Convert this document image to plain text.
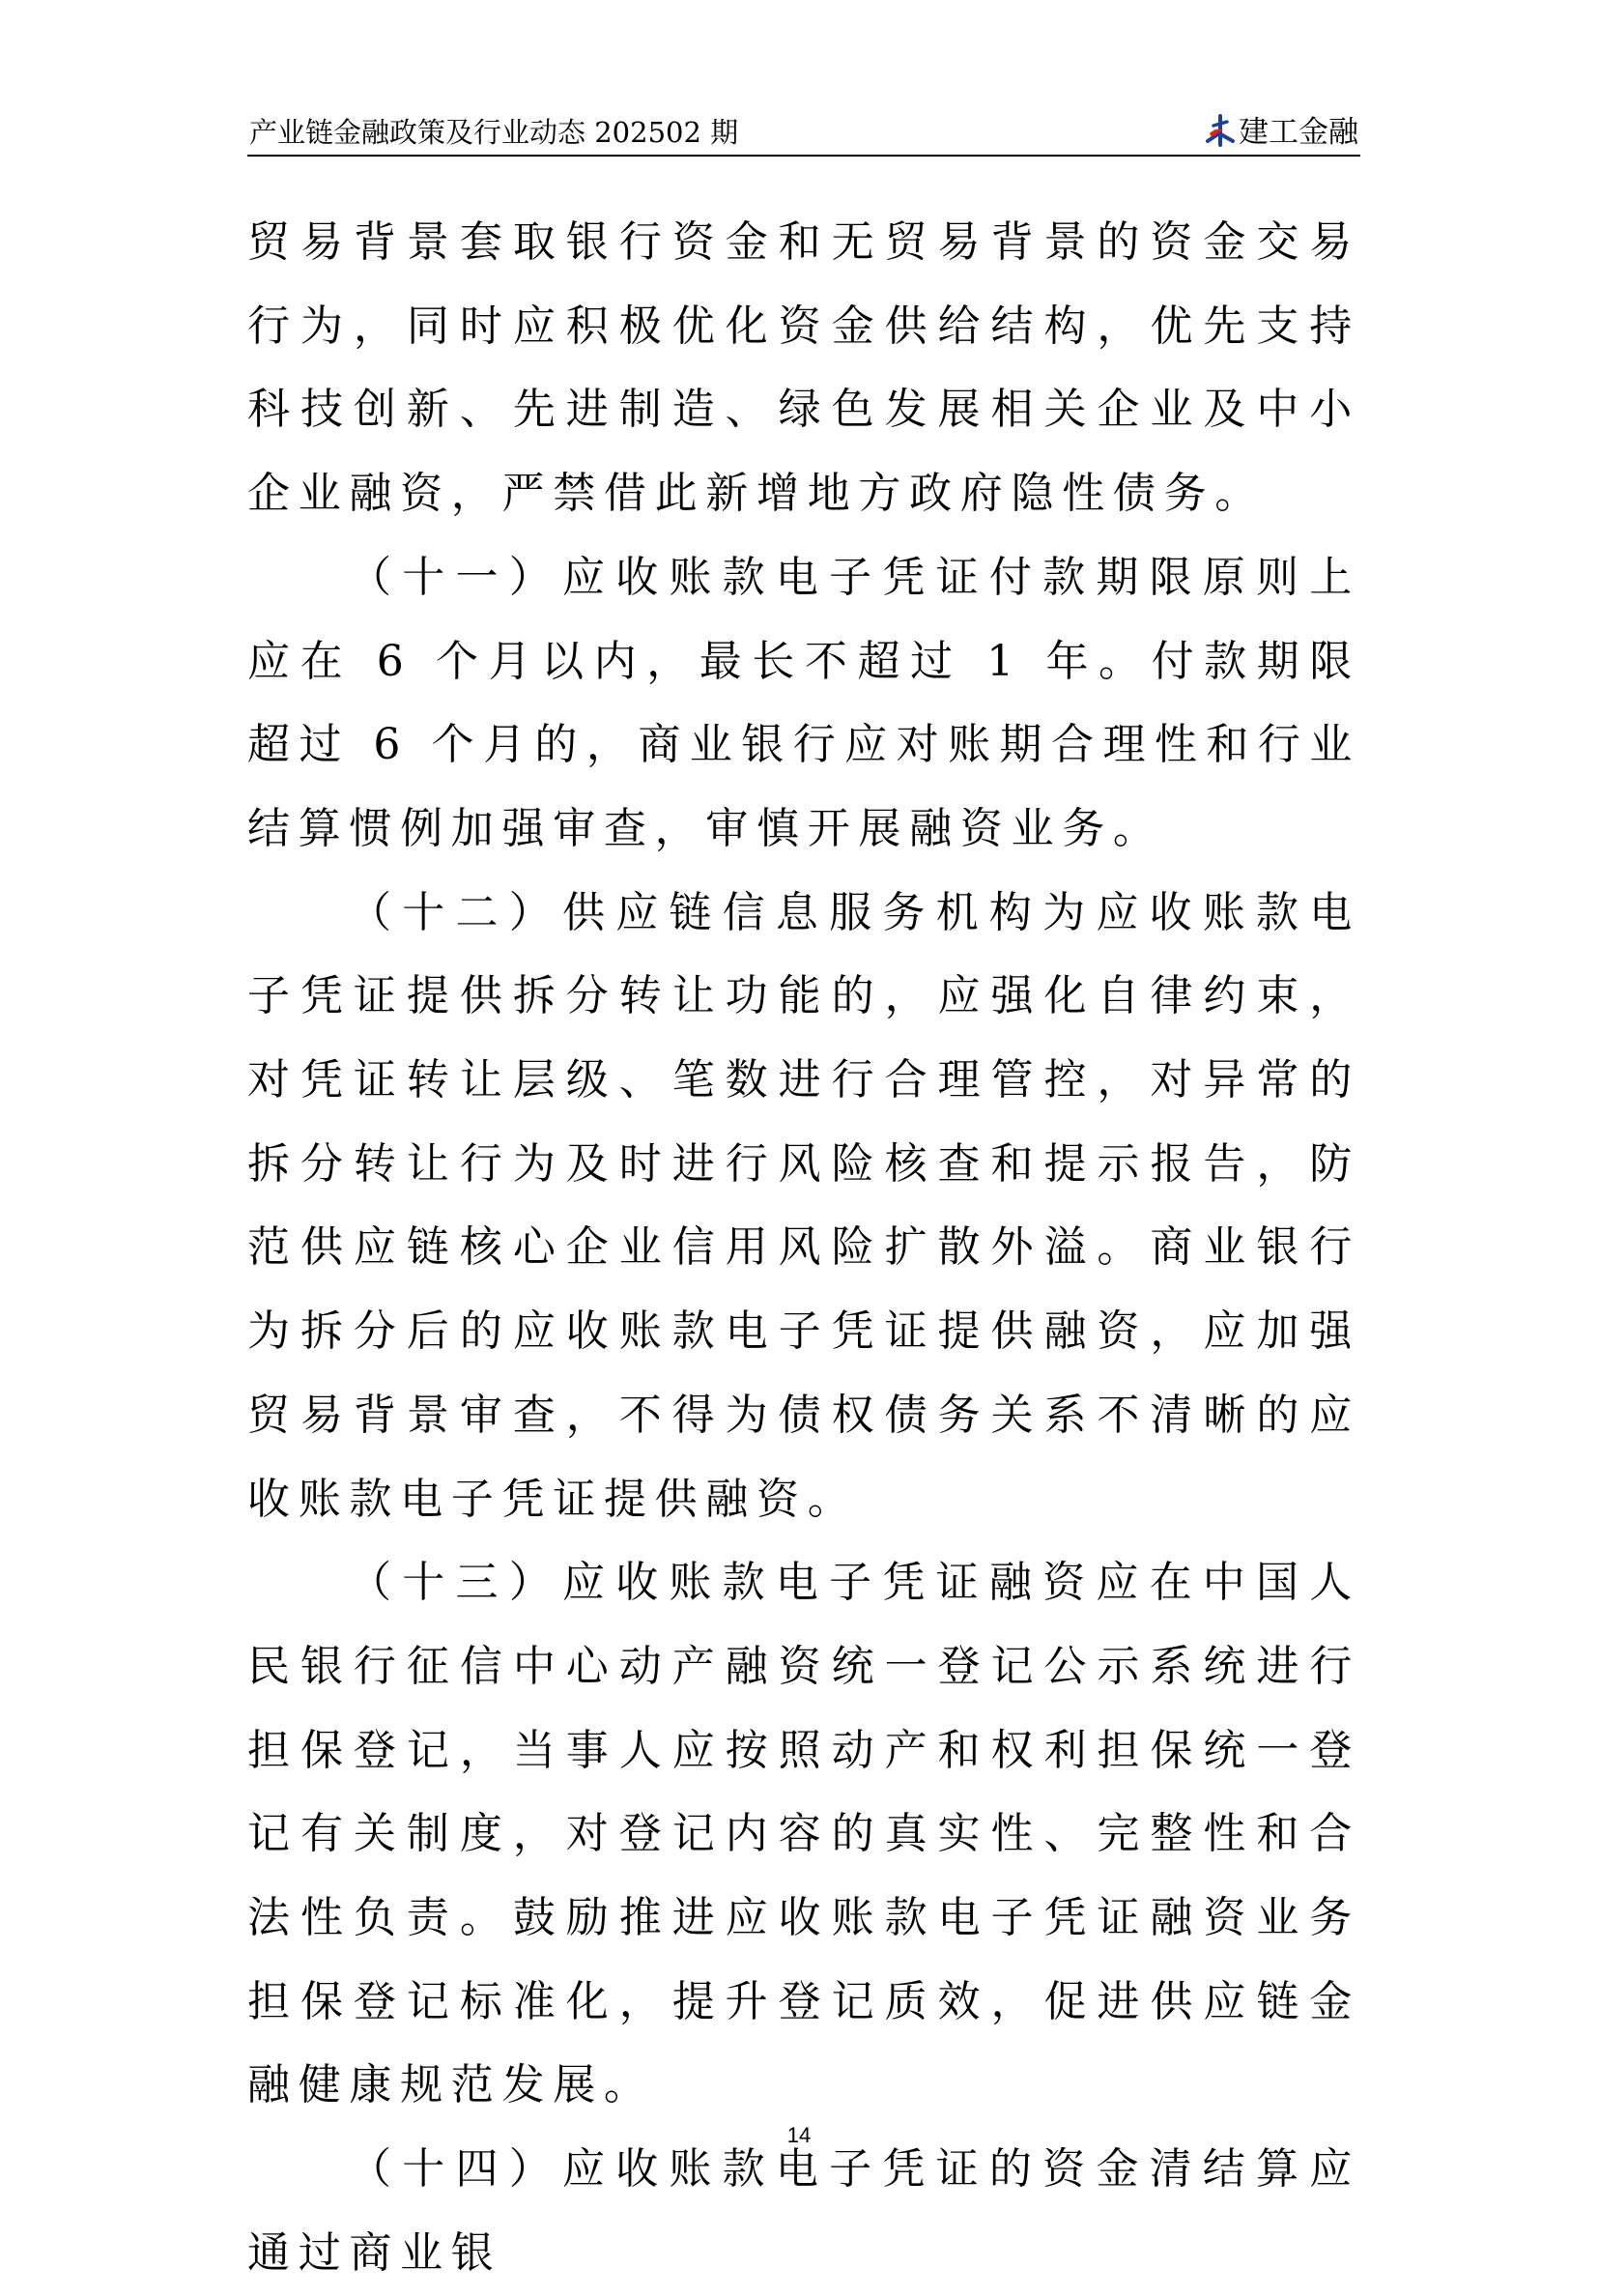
产业链金融政策及行业动态 202502 期	建工金融

贸易背景套取银行资金和无贸易背景的资金交易行为，同时应积极优化资金供给结构，优先支持科技创新、先进制造、绿色发展相关企业及中小企业融资，严禁借此新增地方政府隐性债务。

（十一）应收账款电子凭证付款期限原则上应在 6 个月以内，最长不超过 1 年。付款期限超过 6 个月的，商业银行应对账期合理性和行业结算惯例加强审查，审慎开展融资业务。

（十二）供应链信息服务机构为应收账款电子凭证提供拆分转让功能的，应强化自律约束，对凭证转让层级、笔数进行合理管控，对异常的拆分转让行为及时进行风险核查和提示报告，防范供应链核心企业信用风险扩散外溢。商业银行为拆分后的应收账款电子凭证提供融资，应加强贸易背景审查，不得为债权债务关系不清晰的应收账款电子凭证提供融资。

（十三）应收账款电子凭证融资应在中国人民银行征信中心动产融资统一登记公示系统进行担保登记，当事人应按照动产和权利担保统一登记有关制度，对登记内容的真实性、完整性和合法性负责。鼓励推进应收账款电子凭证融资业务担保登记标准化，提升登记质效，促进供应链金融健康规范发展。

（十四）应收账款电子凭证的资金清结算应通过商业银

14
